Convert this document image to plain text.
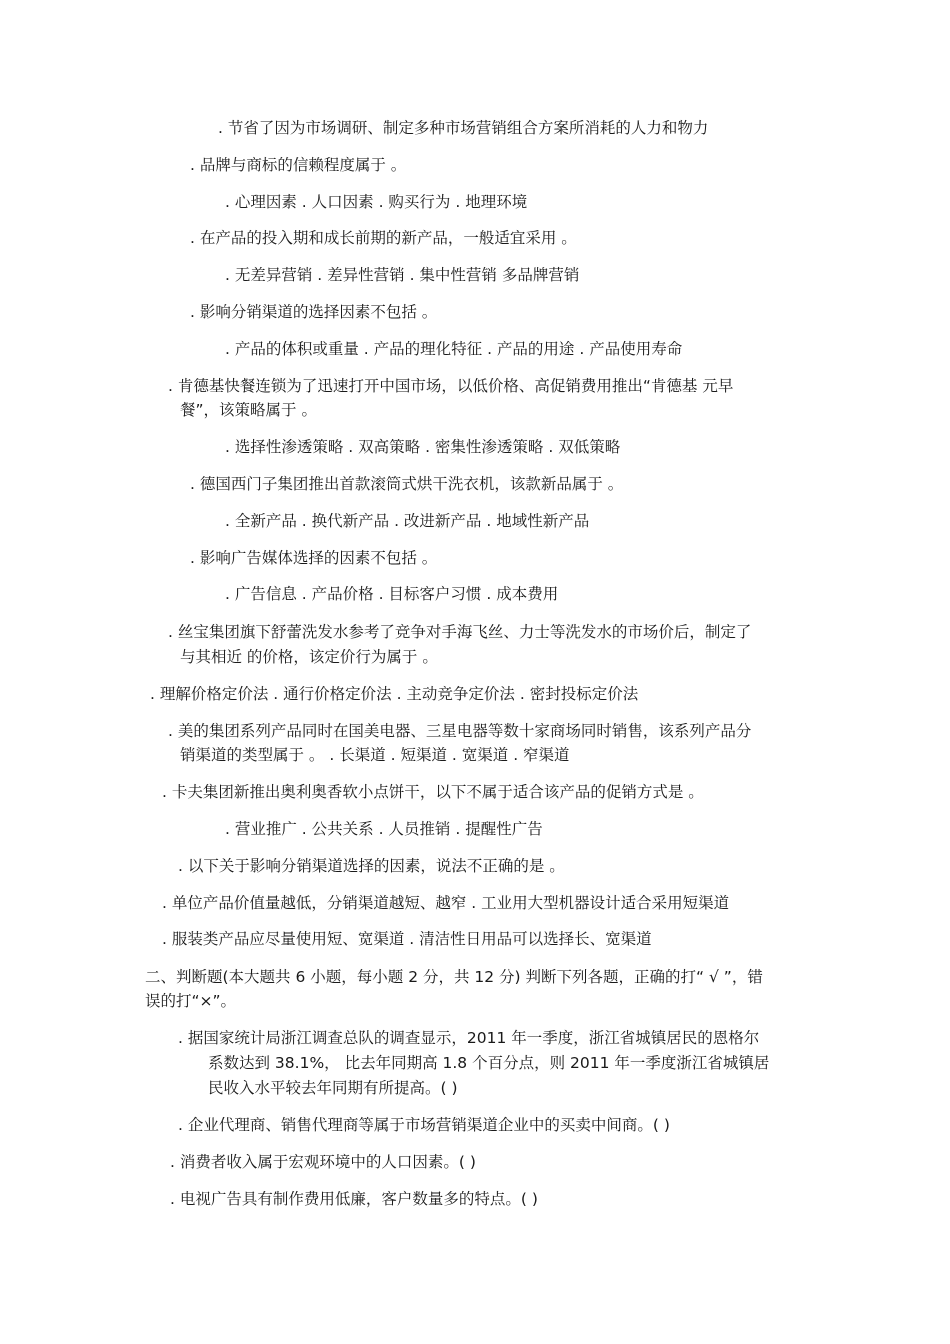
. 节省了因为市场调研、制定多种市场营销组合方案所消耗的人力和物力
. 品牌与商标的信赖程度属于 。
. 心理因素 . 人口因素 . 购买行为 . 地理环境
. 在产品的投入期和成长前期的新产品，一般适宜采用 。
. 无差异营销 . 差异性营销 . 集中性营销 多品牌营销
. 影响分销渠道的选择因素不包括 。
. 产品的体积或重量 . 产品的理化特征 . 产品的用途 . 产品使用寿命
. 肯德基快餐连锁为了迅速打开中国市场，以低价格、高促销费用推出“肯德基 元早
餐”，该策略属于 。
. 选择性渗透策略 . 双高策略 . 密集性渗透策略 . 双低策略
. 德国西门子集团推出首款滚筒式烘干洗衣机，该款新品属于 。
. 全新产品 . 换代新产品 . 改进新产品 . 地域性新产品
. 影响广告媒体选择的因素不包括 。
. 广告信息 . 产品价格 . 目标客户习惯 . 成本费用
. 丝宝集团旗下舒蕾洗发水参考了竞争对手海飞丝、力士等洗发水的市场价后，制定了
与其相近 的价格，该定价行为属于 。
. 理解价格定价法 . 通行价格定价法 . 主动竞争定价法 . 密封投标定价法
. 美的集团系列产品同时在国美电器、三星电器等数十家商场同时销售，该系列产品分
销渠道的类型属于 。 . 长渠道 . 短渠道 . 宽渠道 . 窄渠道
. 卡夫集团新推出奥利奥香软小点饼干，以下不属于适合该产品的促销方式是 。
. 营业推广 . 公共关系 . 人员推销 . 提醒性广告
. 以下关于影响分销渠道选择的因素，说法不正确的是 。
. 单位产品价值量越低，分销渠道越短、越窄 . 工业用大型机器设计适合采用短渠道
. 服装类产品应尽量使用短、宽渠道 . 清洁性日用品可以选择长、宽渠道
二、判断题(本大题共 6 小题，每小题 2 分，共 12 分) 判断下列各题，正确的打“ √ ”，错
误的打“×”。
. 据国家统计局浙江调查总队的调查显示，2011 年一季度，浙江省城镇居民的恩格尔
系数达到 38.1%， 比去年同期高 1.8 个百分点，则 2011 年一季度浙江省城镇居
民收入水平较去年同期有所提高。( )
. 企业代理商、销售代理商等属于市场营销渠道企业中的买卖中间商。( )
. 消费者收入属于宏观环境中的人口因素。( )
. 电视广告具有制作费用低廉，客户数量多的特点。( )
